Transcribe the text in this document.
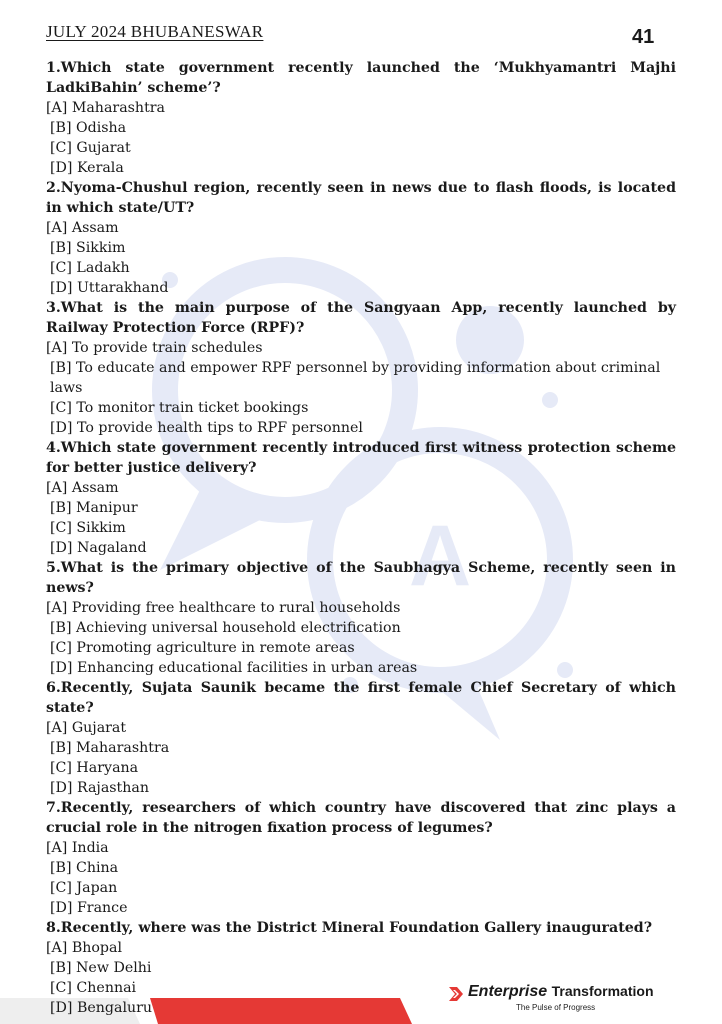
A
JULY 2024 BHUBANESWAR	41
1.Which state government recently launched the ‘Mukhyamantri Majhi LadkiBahin’ scheme’?
[A] Maharashtra
[B] Odisha
[C] Gujarat
[D] Kerala
2.Nyoma-Chushul region, recently seen in news due to flash floods, is located in which state/UT?
[A] Assam
[B] Sikkim
[C] Ladakh
[D] Uttarakhand
3.What is the main purpose of the Sangyaan App, recently launched by Railway Protection Force (RPF)?
[A] To provide train schedules
[B] To educate and empower RPF personnel by providing information about criminal laws
[C] To monitor train ticket bookings
[D] To provide health tips to RPF personnel
4.Which state government recently introduced first witness protection scheme for better justice delivery?
[A] Assam
[B] Manipur
[C] Sikkim
[D] Nagaland
5.What is the primary objective of the Saubhagya Scheme, recently seen in news?
[A] Providing free healthcare to rural households
[B] Achieving universal household electrification
[C] Promoting agriculture in remote areas
[D] Enhancing educational facilities in urban areas
6.Recently, Sujata Saunik became the first female Chief Secretary of which state?
[A] Gujarat
[B] Maharashtra
[C] Haryana
[D] Rajasthan
7.Recently, researchers of which country have discovered that zinc plays a crucial role in the nitrogen fixation process of legumes?
[A] India
[B] China
[C] Japan
[D] France
8.Recently, where was the District Mineral Foundation Gallery inaugurated?
[A] Bhopal
[B] New Delhi
[C] Chennai
[D] Bengaluru
Enterprise Transformation
The Pulse of Progress
